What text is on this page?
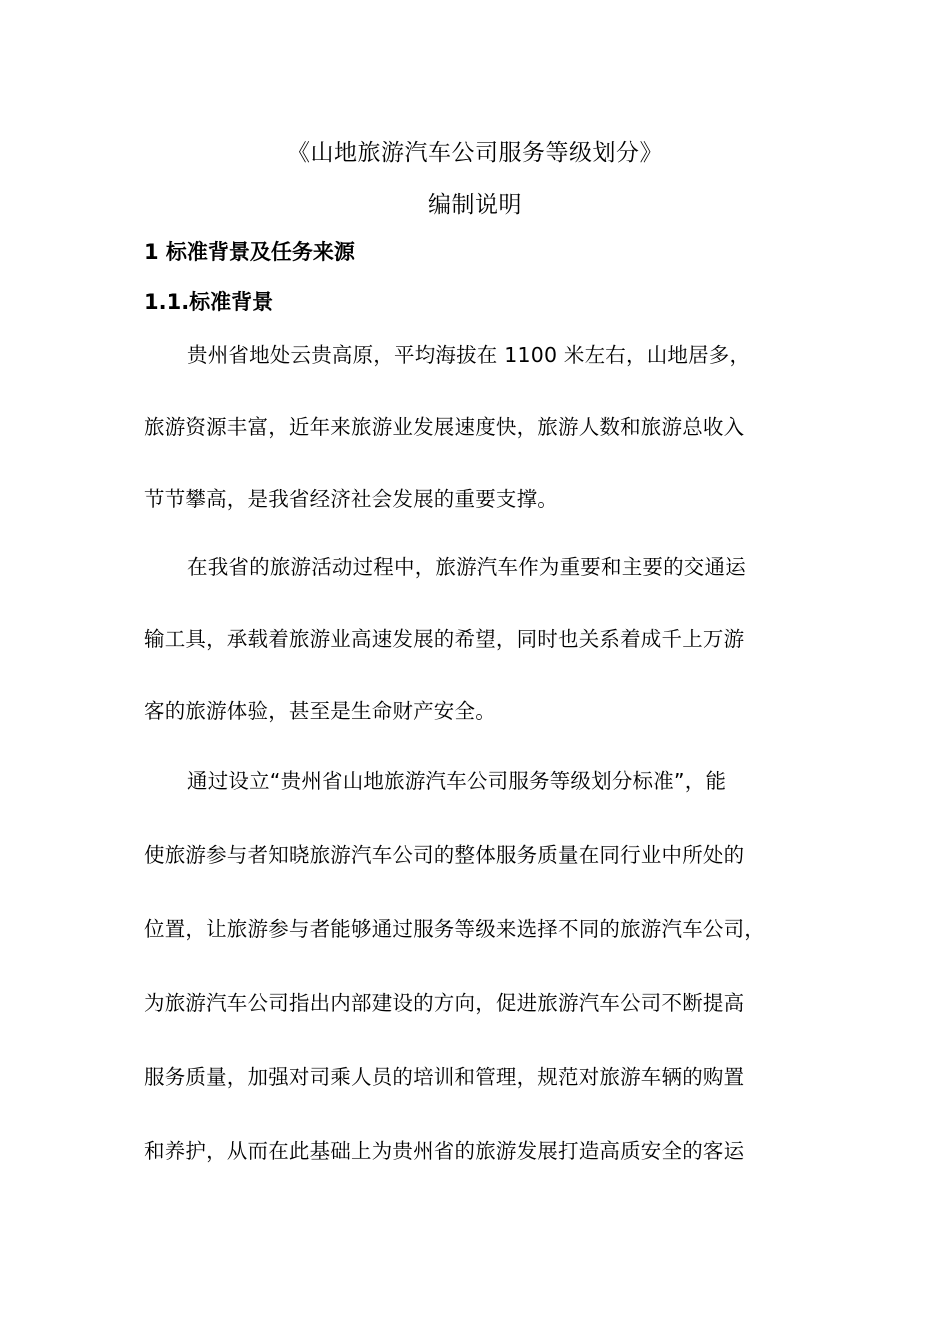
《山地旅游汽车公司服务等级划分》
编制说明
1 标准背景及任务来源
1.1.标准背景
贵州省地处云贵高原，平均海拔在 1100 米左右，山地居多，
旅游资源丰富，近年来旅游业发展速度快，旅游人数和旅游总收入
节节攀高，是我省经济社会发展的重要支撑。
在我省的旅游活动过程中，旅游汽车作为重要和主要的交通运
输工具，承载着旅游业高速发展的希望，同时也关系着成千上万游
客的旅游体验，甚至是生命财产安全。
通过设立“贵州省山地旅游汽车公司服务等级划分标准”，能
使旅游参与者知晓旅游汽车公司的整体服务质量在同行业中所处的
位置，让旅游参与者能够通过服务等级来选择不同的旅游汽车公司，
为旅游汽车公司指出内部建设的方向，促进旅游汽车公司不断提高
服务质量，加强对司乘人员的培训和管理，规范对旅游车辆的购置
和养护，从而在此基础上为贵州省的旅游发展打造高质安全的客运
